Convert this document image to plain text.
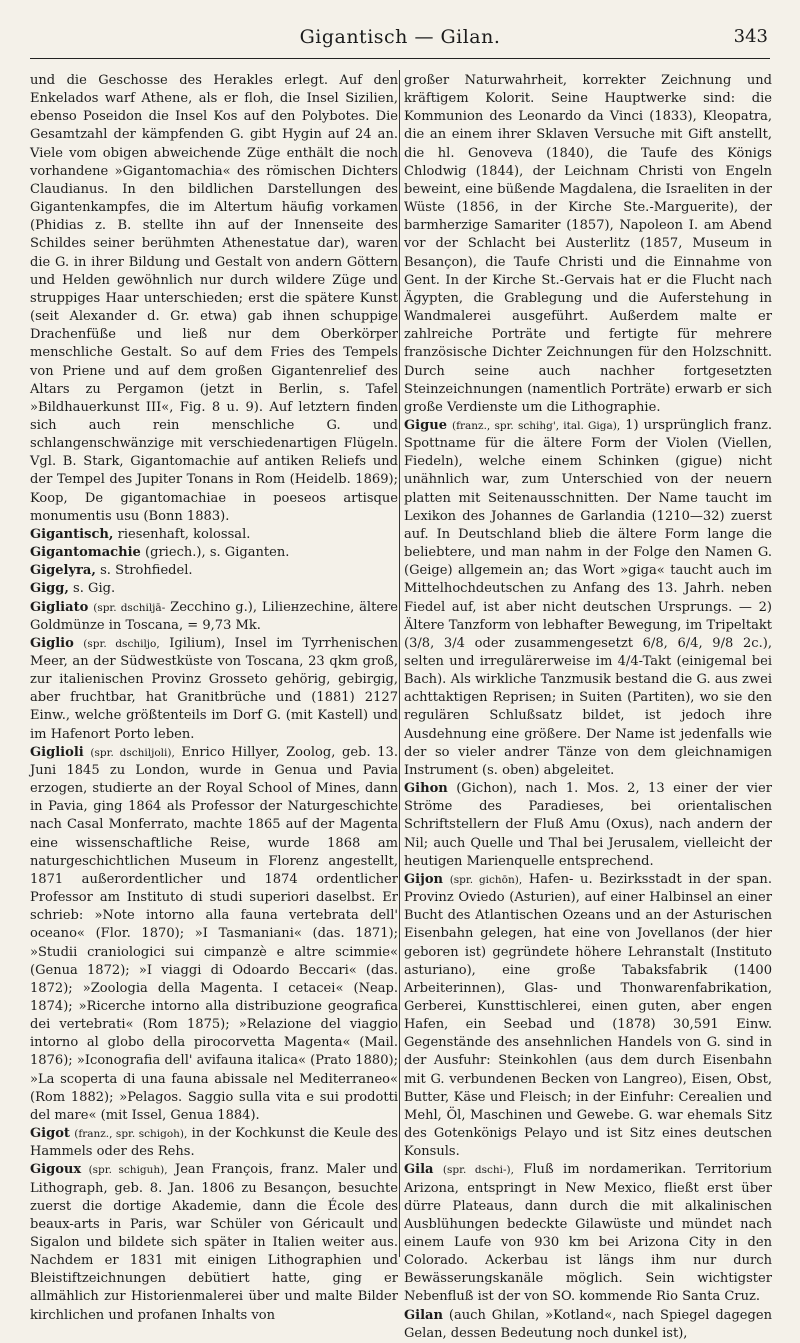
Gigantisch — Gilan.	343

und die Geschosse des Herakles erlegt. Auf den Enkelados warf Athene, als er floh, die Insel Sizilien, ebenso Poseidon die Insel Kos auf den Polybotes. Die Gesamtzahl der kämpfenden G. gibt Hygin auf 24 an. Viele vom obigen abweichende Züge enthält die noch vorhandene »Gigantomachia« des römischen Dichters Claudianus. In den bildlichen Darstellungen des Gigantenkampfes, die im Altertum häufig vorkamen (Phidias z. B. stellte ihn auf der Innenseite des Schildes seiner berühmten Athenestatue dar), waren die G. in ihrer Bildung und Gestalt von andern Göttern und Helden gewöhnlich nur durch wildere Züge und struppiges Haar unterschieden; erst die spätere Kunst (seit Alexander d. Gr. etwa) gab ihnen schuppige Drachenfüße und ließ nur dem Oberkörper menschliche Gestalt. So auf dem Fries des Tempels von Priene und auf dem großen Gigantenrelief des Altars zu Pergamon (jetzt in Berlin, s. Tafel »Bildhauerkunst III«, Fig. 8 u. 9). Auf letztern finden sich auch rein menschliche G. und schlangenschwänzige mit verschiedenartigen Flügeln. Vgl. B. Stark, Gigantomachie auf antiken Reliefs und der Tempel des Jupiter Tonans in Rom (Heidelb. 1869); Koop, De gigantomachiae in poeseos artisque monumentis usu (Bonn 1883).

Gigantisch, riesenhaft, kolossal.

Gigantomachie (griech.), s. Giganten.

Gigelyra, s. Strohfiedel.

Gigg, s. Gig.

Gigliato (spr. dschiljā- Zecchino g.), Liliенzechine, ältere Goldmünze in Toscana, = 9,73 Mk.

Giglio (spr. dschiljo, Igilium), Insel im Tyrrhenischen Meer, an der Südwestküste von Toscana, 23 qkm groß, zur italienischen Provinz Grosseto gehörig, gebirgig, aber fruchtbar, hat Granitbrüche und (1881) 2127 Einw., welche größtenteils im Dorf G. (mit Kastell) und im Hafenort Porto leben.

Giglioli (spr. dschiljoli), Enrico Hillyer, Zoolog, geb. 13. Juni 1845 zu London, wurde in Genua und Pavia erzogen, studierte an der Royal School of Mines, dann in Pavia, ging 1864 als Professor der Naturgeschichte nach Casal Monferrato, machte 1865 auf der Magenta eine wissenschaftliche Reise, wurde 1868 am naturgeschichtlichen Museum in Florenz angestellt, 1871 außerordentlicher und 1874 ordentlicher Professor am Instituto di studi superiori daselbst. Er schrieb: »Note intorno alla fauna vertebrata dell' oceano« (Flor. 1870); »I Tasmaniani« (das. 1871); »Studii craniologici sui cimpanzè e altre scimmie« (Genua 1872); »I viaggi di Odoardo Beccari« (das. 1872); »Zoologia della Magenta. I cetacei« (Neap. 1874); »Ricerche intorno alla distribuzione geografica dei vertebrati« (Rom 1875); »Relazione del viaggio intorno al globo della pirocorvetta Magenta« (Mail. 1876); »Iconografia dell' avifauna italica« (Prato 1880); »La scoperta di una fauna abissale nel Mediterraneo« (Rom 1882); »Pelagos. Saggio sulla vita e sui prodotti del mare« (mit Issel, Genua 1884).

Gigot (franz., spr. schigoh), in der Kochkunst die Keule des Hammels oder des Rehs.

Gigoux (spr. schiguh), Jean François, franz. Maler und Lithograph, geb. 8. Jan. 1806 zu Besançon, besuchte zuerst die dortige Akademie, dann die École des beaux-arts in Paris, war Schüler von Géricault und Sigalon und bildete sich später in Italien weiter aus. Nachdem er 1831 mit einigen Lithographien und Bleistiftzeichnungen debütiert hatte, ging er allmählich zur Historienmalerei über und malte Bilder kirchlichen und profanen Inhalts von

großer Naturwahrheit, korrekter Zeichnung und kräftigem Kolorit. Seine Hauptwerke sind: die Kommunion des Leonardo da Vinci (1833), Kleopatra, die an einem ihrer Sklaven Versuche mit Gift anstellt, die hl. Genoveva (1840), die Taufe des Königs Chlodwig (1844), der Leichnam Christi von Engeln beweint, eine büßende Magdalena, die Israeliten in der Wüste (1856, in der Kirche Ste.-Marguerite), der barmherzige Samariter (1857), Napoleon I. am Abend vor der Schlacht bei Austerlitz (1857, Museum in Besançon), die Taufe Christi und die Einnahme von Gent. In der Kirche St.-Gervais hat er die Flucht nach Ägypten, die Grablegung und die Auferstehung in Wandmalerei ausgeführt. Außerdem malte er zahlreiche Porträte und fertigte für mehrere französische Dichter Zeichnungen für den Holzschnitt. Durch seine auch nachher fortgesetzten Steinzeichnungen (namentlich Porträte) erwarb er sich große Verdienste um die Lithographie.

Gigue (franz., spr. schihg', ital. Giga), 1) ursprünglich franz. Spottname für die ältere Form der Violen (Viellen, Fiedeln), welche einem Schinken (gigue) nicht unähnlich war, zum Unterschied von der neuern platten mit Seitenausschnitten. Der Name taucht im Lexikon des Johannes de Garlandia (1210—32) zuerst auf. In Deutschland blieb die ältere Form lange die beliebtere, und man nahm in der Folge den Namen G. (Geige) allgemein an; das Wort »giga« taucht auch im Mittelhochdeutschen zu Anfang des 13. Jahrh. neben Fiedel auf, ist aber nicht deutschen Ursprungs. — 2) Ältere Tanzform von lebhafter Bewegung, im Tripeltakt (3/8, 3/4 oder zusammengesetzt 6/8, 6/4, 9/8 2c.), selten und irregulärerweise im 4/4-Takt (einigemal bei Bach). Als wirkliche Tanzmusik bestand die G. aus zwei achttaktigen Reprisen; in Suiten (Partiten), wo sie den regulären Schlußsatz bildet, ist jedoch ihre Ausdehnung eine größere. Der Name ist jedenfalls wie der so vieler andrer Tänze von dem gleichnamigen Instrument (s. oben) abgeleitet.

Gihon (Gichon), nach 1. Mos. 2, 13 einer der vier Ströme des Paradieses, bei orientalischen Schriftstellern der Fluß Amu (Oxus), nach andern der Nil; auch Quelle und Thal bei Jerusalem, vielleicht der heutigen Marienquelle entsprechend.

Gijon (spr. gichōn), Hafen- u. Bezirksstadt in der span. Provinz Oviedo (Asturien), auf einer Halbinsel an einer Bucht des Atlantischen Ozeans und an der Asturischen Eisenbahn gelegen, hat eine von Jovellanos (der hier geboren ist) gegründete höhere Lehranstalt (Instituto asturiano), eine große Tabaksfabrik (1400 Arbeiterinnen), Glas- und Thonwarenfabrikation, Gerberei, Kunsttischlerei, einen guten, aber engen Hafen, ein Seebad und (1878) 30,591 Einw. Gegenstände des ansehnlichen Handels von G. sind in der Ausfuhr: Steinkohlen (aus dem durch Eisenbahn mit G. verbundenen Becken von Langreo), Eisen, Obst, Butter, Käse und Fleisch; in der Einfuhr: Cerealien und Mehl, Öl, Maschinen und Gewebe. G. war ehemals Sitz des Gotenkönigs Pelayo und ist Sitz eines deutschen Konsuls.

Gila (spr. dschi-), Fluß im nordamerikan. Territorium Arizona, entspringt in New Mexico, fließt erst über dürre Plateaus, dann durch die mit alkalinischen Ausblühungen bedeckte Gilawüste und mündet nach einem Laufe von 930 km bei Arizona City in den Colorado. Ackerbau ist längs ihm nur durch Bewässerungskanäle möglich. Sein wichtigster Nebenfluß ist der von SO. kommende Rio Santa Cruz.

Gilan (auch Ghilan, »Kotland«, nach Spiegel dagegen Gelan, dessen Bedeutung noch dunkel ist),
